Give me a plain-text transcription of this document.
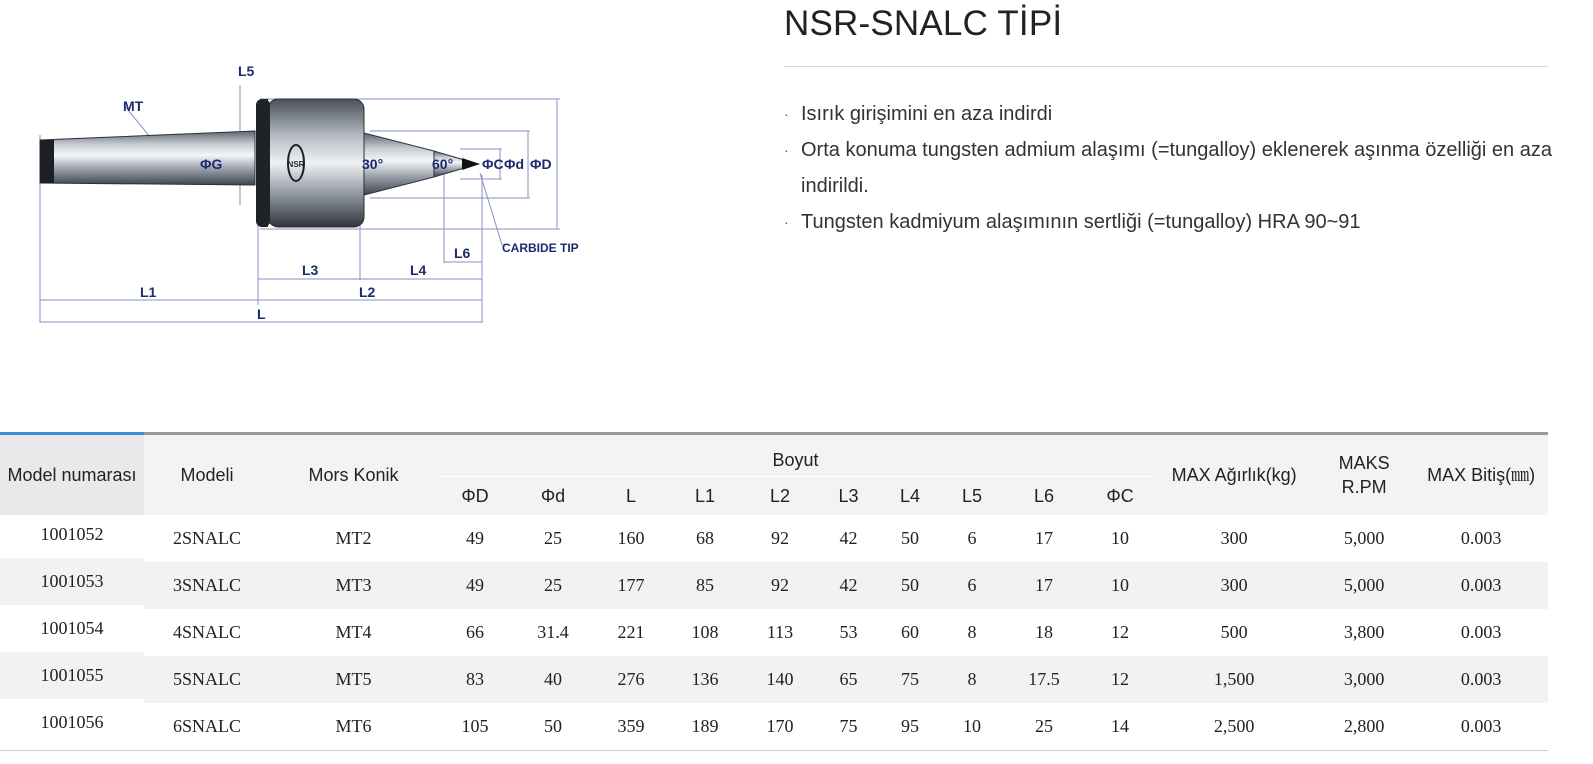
NSR
MT
L5
ΦG	30°	60° ΦC Φd ΦD
L6	CARBIDE TIP
L3	L4
L1	L2
L
NSR-SNALC TİPİ
· Isırık girişimini en aza indirdi
· Orta konuma tungsten admium alaşımı (=tungalloy) eklenerek aşınma özelliği en aza indirildi.
· Tungsten kadmiyum alaşımının sertliği (=tungalloy) HRA 90~91
Model numarası	Modeli	Mors Konik	Boyut										MAX Ağırlık(kg)	MAKS R.PM	MAX Bitiş(㎜)
			ΦD	Φd	L	L1	L2	L3	L4	L5	L6	ΦC			
1001052	2SNALC	MT2	49	25	160	68	92	42	50	6	17	10	300	5,000	0.003
1001053	3SNALC	MT3	49	25	177	85	92	42	50	6	17	10	300	5,000	0.003
1001054	4SNALC	MT4	66	31.4	221	108	113	53	60	8	18	12	500	3,800	0.003
1001055	5SNALC	MT5	83	40	276	136	140	65	75	8	17.5	12	1,500	3,000	0.003
1001056	6SNALC	MT6	105	50	359	189	170	75	95	10	25	14	2,500	2,800	0.003
